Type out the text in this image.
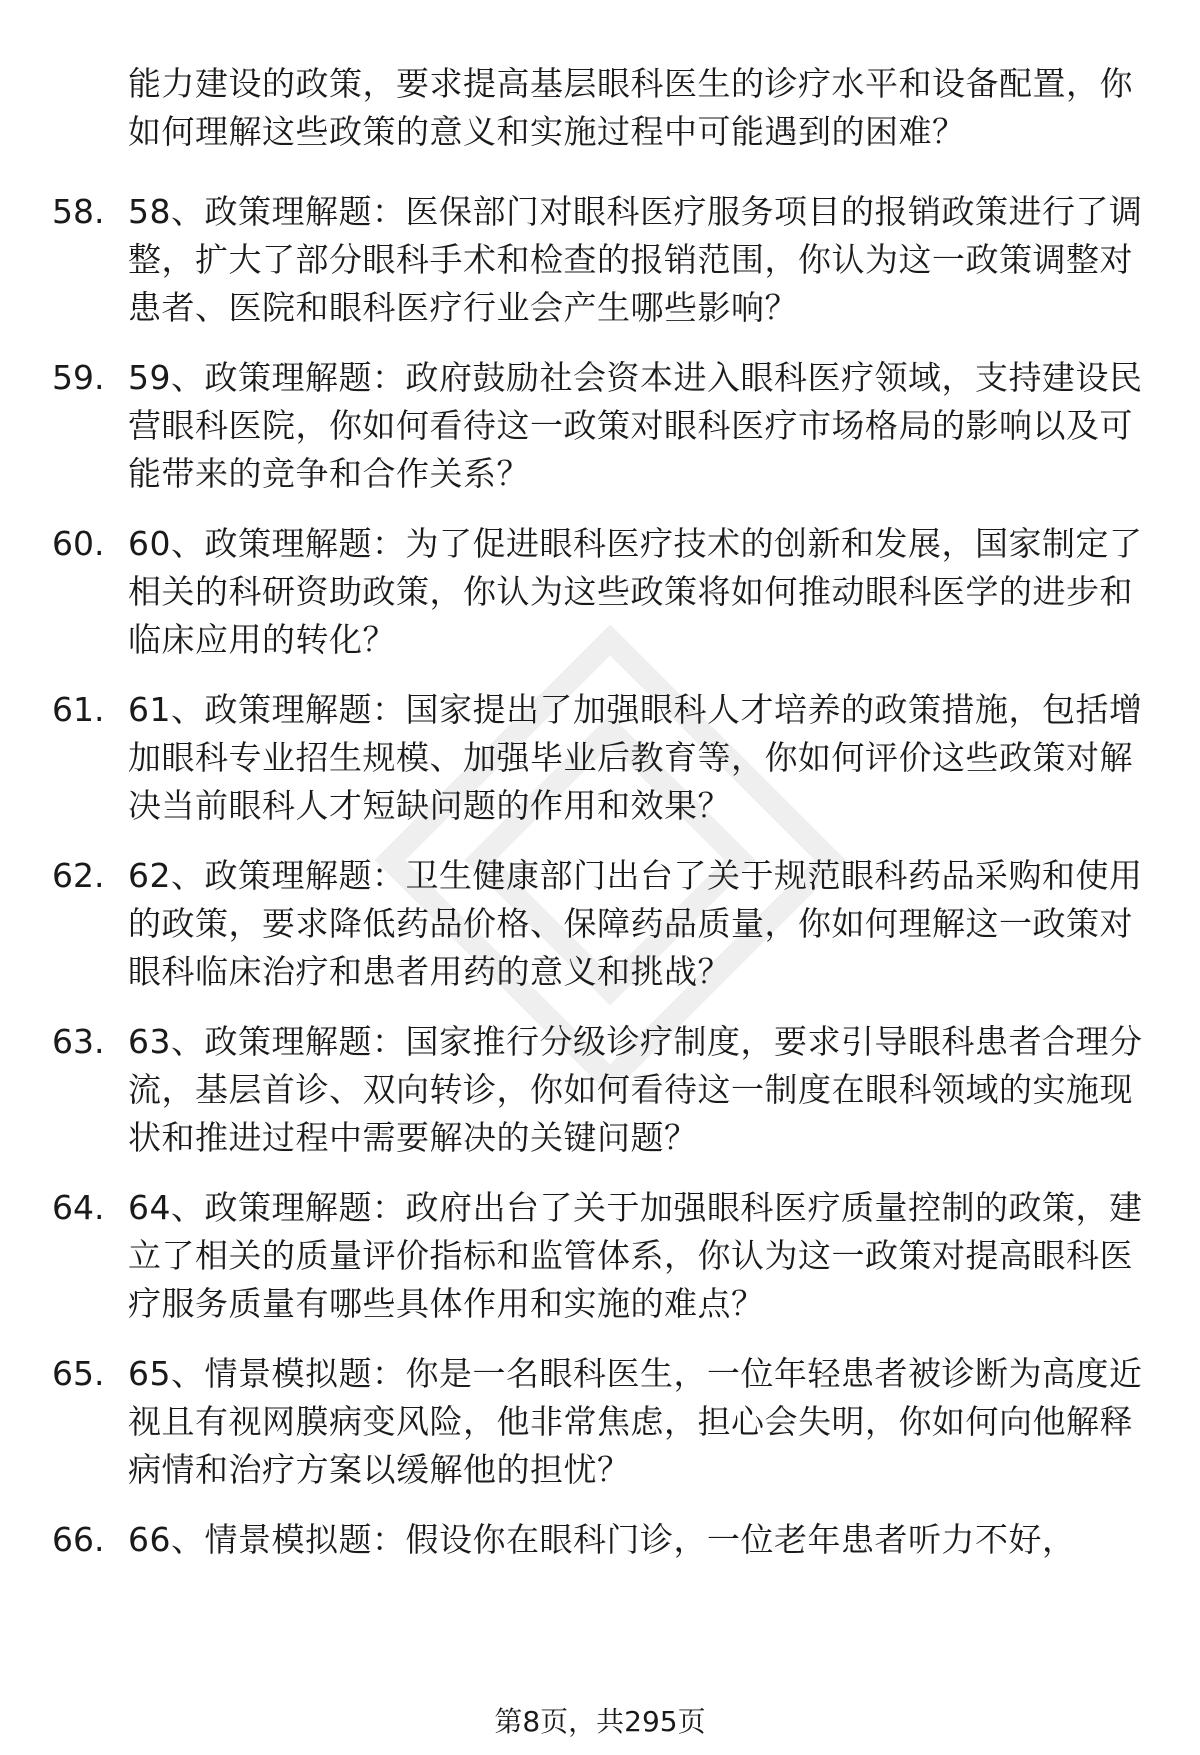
能力建设的政策，要求提高基层眼科医生的诊疗水平和设备配置，你如何理解这些政策的意义和实施过程中可能遇到的困难？
58. 58、政策理解题：医保部门对眼科医疗服务项目的报销政策进行了调整，扩大了部分眼科手术和检查的报销范围，你认为这一政策调整对患者、医院和眼科医疗行业会产生哪些影响？
59. 59、政策理解题：政府鼓励社会资本进入眼科医疗领域，支持建设民营眼科医院，你如何看待这一政策对眼科医疗市场格局的影响以及可能带来的竞争和合作关系？
60. 60、政策理解题：为了促进眼科医疗技术的创新和发展，国家制定了相关的科研资助政策，你认为这些政策将如何推动眼科医学的进步和临床应用的转化？
61. 61、政策理解题：国家提出了加强眼科人才培养的政策措施，包括增加眼科专业招生规模、加强毕业后教育等，你如何评价这些政策对解决当前眼科人才短缺问题的作用和效果？
62. 62、政策理解题：卫生健康部门出台了关于规范眼科药品采购和使用的政策，要求降低药品价格、保障药品质量，你如何理解这一政策对眼科临床治疗和患者用药的意义和挑战？
63. 63、政策理解题：国家推行分级诊疗制度，要求引导眼科患者合理分流，基层首诊、双向转诊，你如何看待这一制度在眼科领域的实施现状和推进过程中需要解决的关键问题？
64. 64、政策理解题：政府出台了关于加强眼科医疗质量控制的政策，建立了相关的质量评价指标和监管体系，你认为这一政策对提高眼科医疗服务质量有哪些具体作用和实施的难点？
65. 65、情景模拟题：你是一名眼科医生，一位年轻患者被诊断为高度近视且有视网膜病变风险，他非常焦虑，担心会失明，你如何向他解释病情和治疗方案以缓解他的担忧？
66. 66、情景模拟题：假设你在眼科门诊，一位老年患者听力不好，
第8页，共295页
